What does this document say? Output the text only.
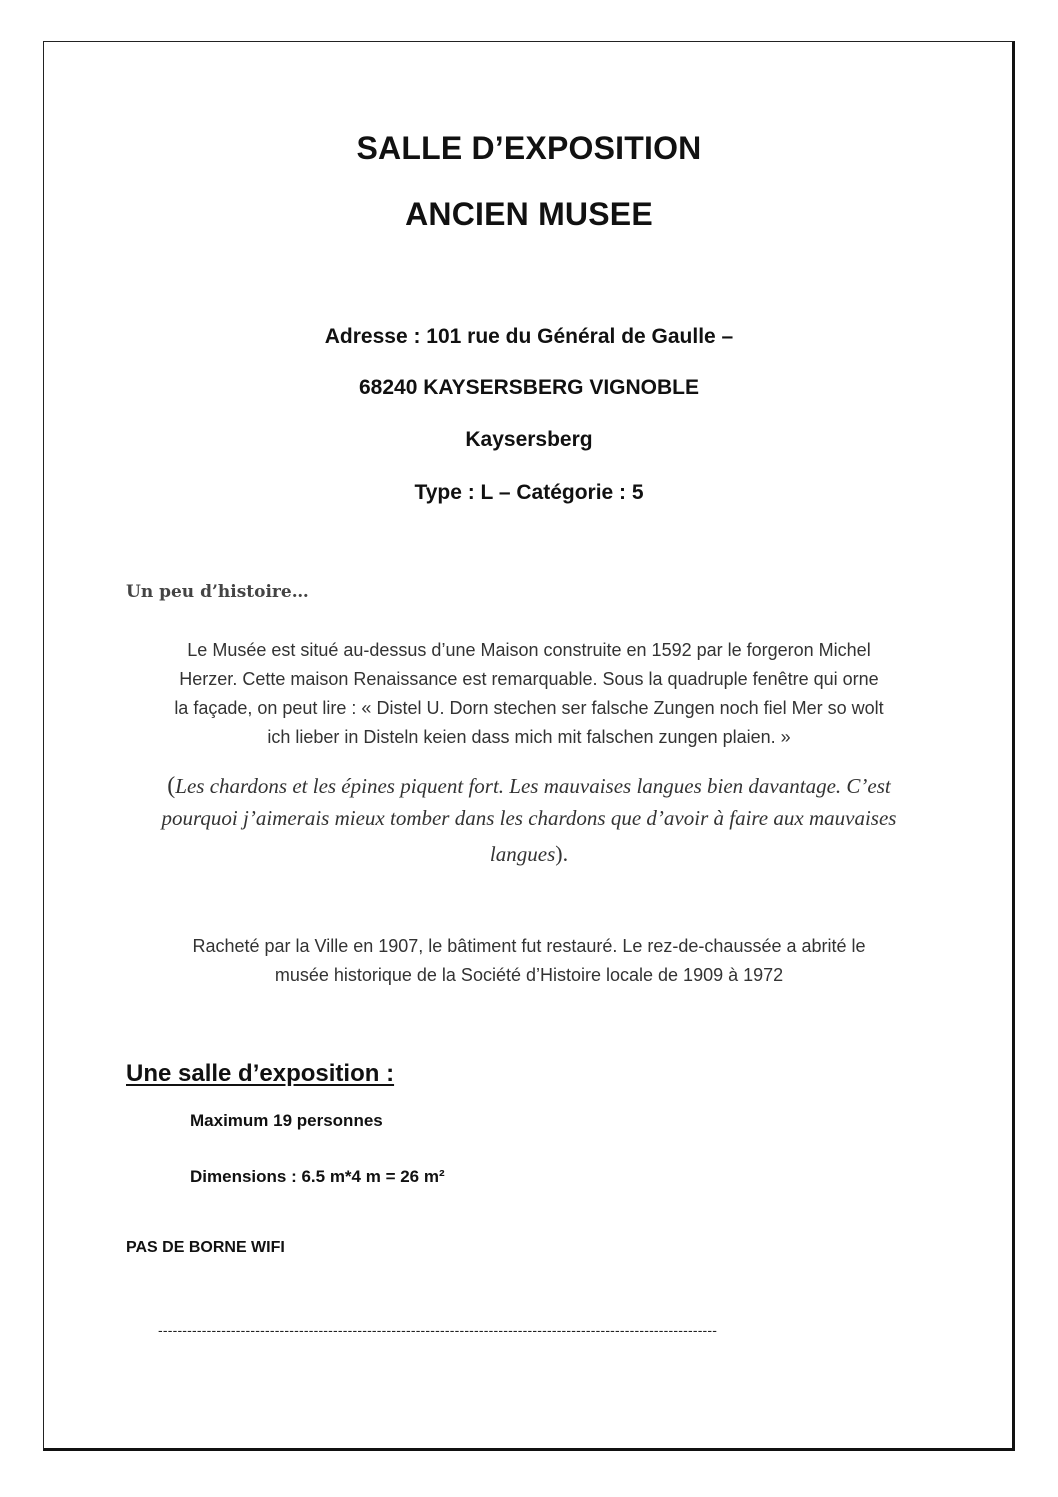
SALLE D’EXPOSITION
ANCIEN MUSEE
Adresse : 101 rue du Général de Gaulle –
68240 KAYSERSBERG VIGNOBLE
Kaysersberg
Type : L – Catégorie : 5
Un peu d’histoire…
Le Musée est situé au-dessus d’une Maison construite en 1592 par le forgeron Michel
Herzer. Cette maison Renaissance est remarquable. Sous la quadruple fenêtre qui orne
la façade, on peut lire : « Distel U. Dorn stechen ser falsche Zungen noch fiel Mer so wolt
ich lieber in Disteln keien dass mich mit falschen zungen plaien. »
(Les chardons et les épines piquent fort. Les mauvaises langues bien davantage. C’est
pourquoi j’aimerais mieux tomber dans les chardons que d’avoir à faire aux mauvaises
langues).
Racheté par la Ville en 1907, le bâtiment fut restauré. Le rez-de-chaussée a abrité le
musée historique de la Société d’Histoire locale de 1909 à 1972
Une salle d’exposition :
Maximum 19 personnes
Dimensions : 6.5 m*4 m = 26 m²
PAS DE BORNE WIFI
-------------------------------------------------------------------------------------------------------------------
